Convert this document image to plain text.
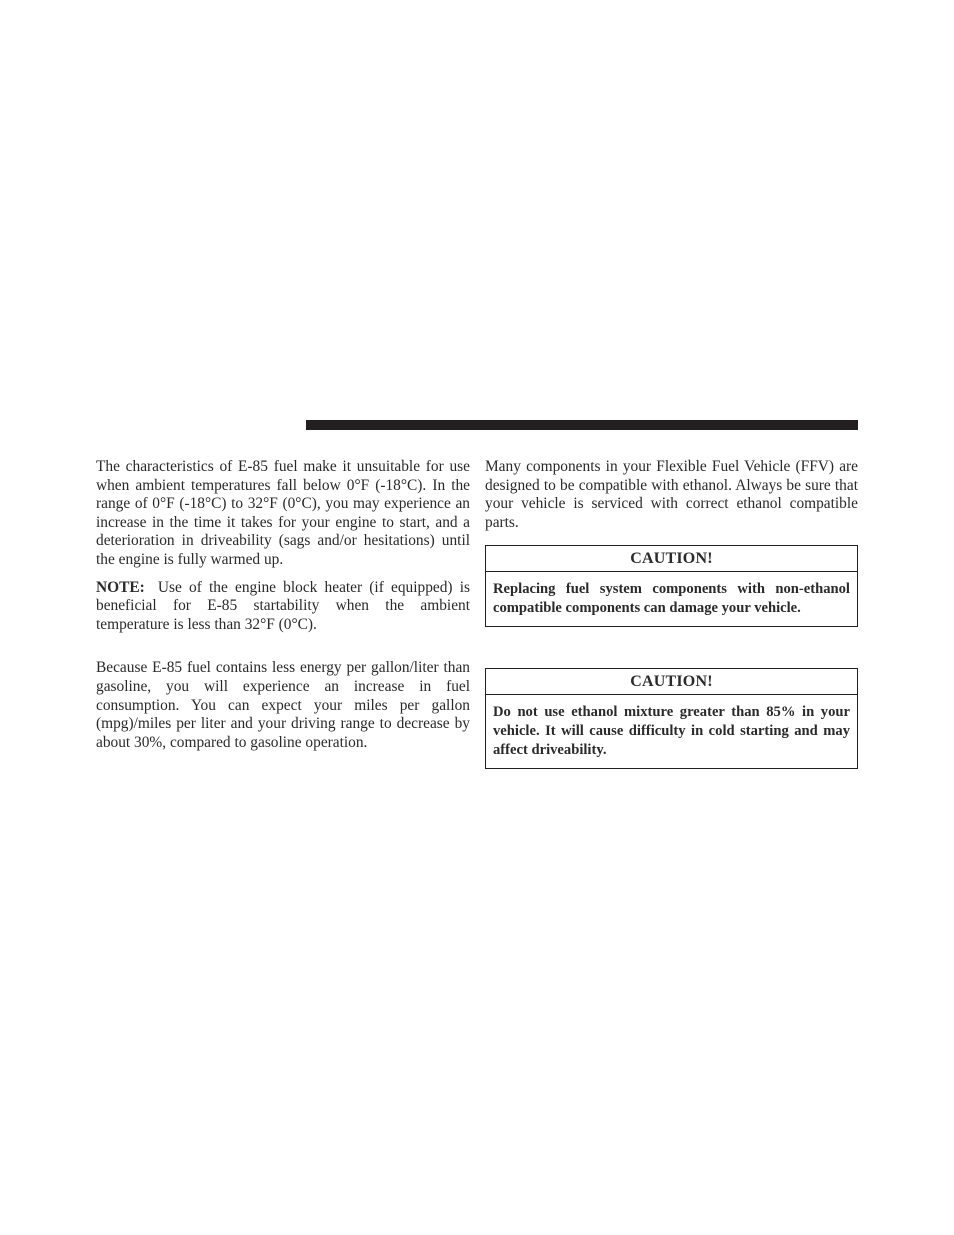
The characteristics of E-85 fuel make it unsuitable for use when ambient temperatures fall below 0°F (-18°C). In the range of 0°F (-18°C) to 32°F (0°C), you may experience an increase in the time it takes for your engine to start, and a deterioration in driveability (sags and/or hesitations) until the engine is fully warmed up.

NOTE: Use of the engine block heater (if equipped) is beneficial for E-85 startability when the ambient temperature is less than 32°F (0°C).

Because E-85 fuel contains less energy per gallon/liter than gasoline, you will experience an increase in fuel consumption. You can expect your miles per gallon (mpg)/miles per liter and your driving range to decrease by about 30%, compared to gasoline operation.

Many components in your Flexible Fuel Vehicle (FFV) are designed to be compatible with ethanol. Always be sure that your vehicle is serviced with correct ethanol compatible parts.

CAUTION!
Replacing fuel system components with non-ethanol compatible components can damage your vehicle.
CAUTION!
Do not use ethanol mixture greater than 85% in your vehicle. It will cause difficulty in cold starting and may affect driveability.
